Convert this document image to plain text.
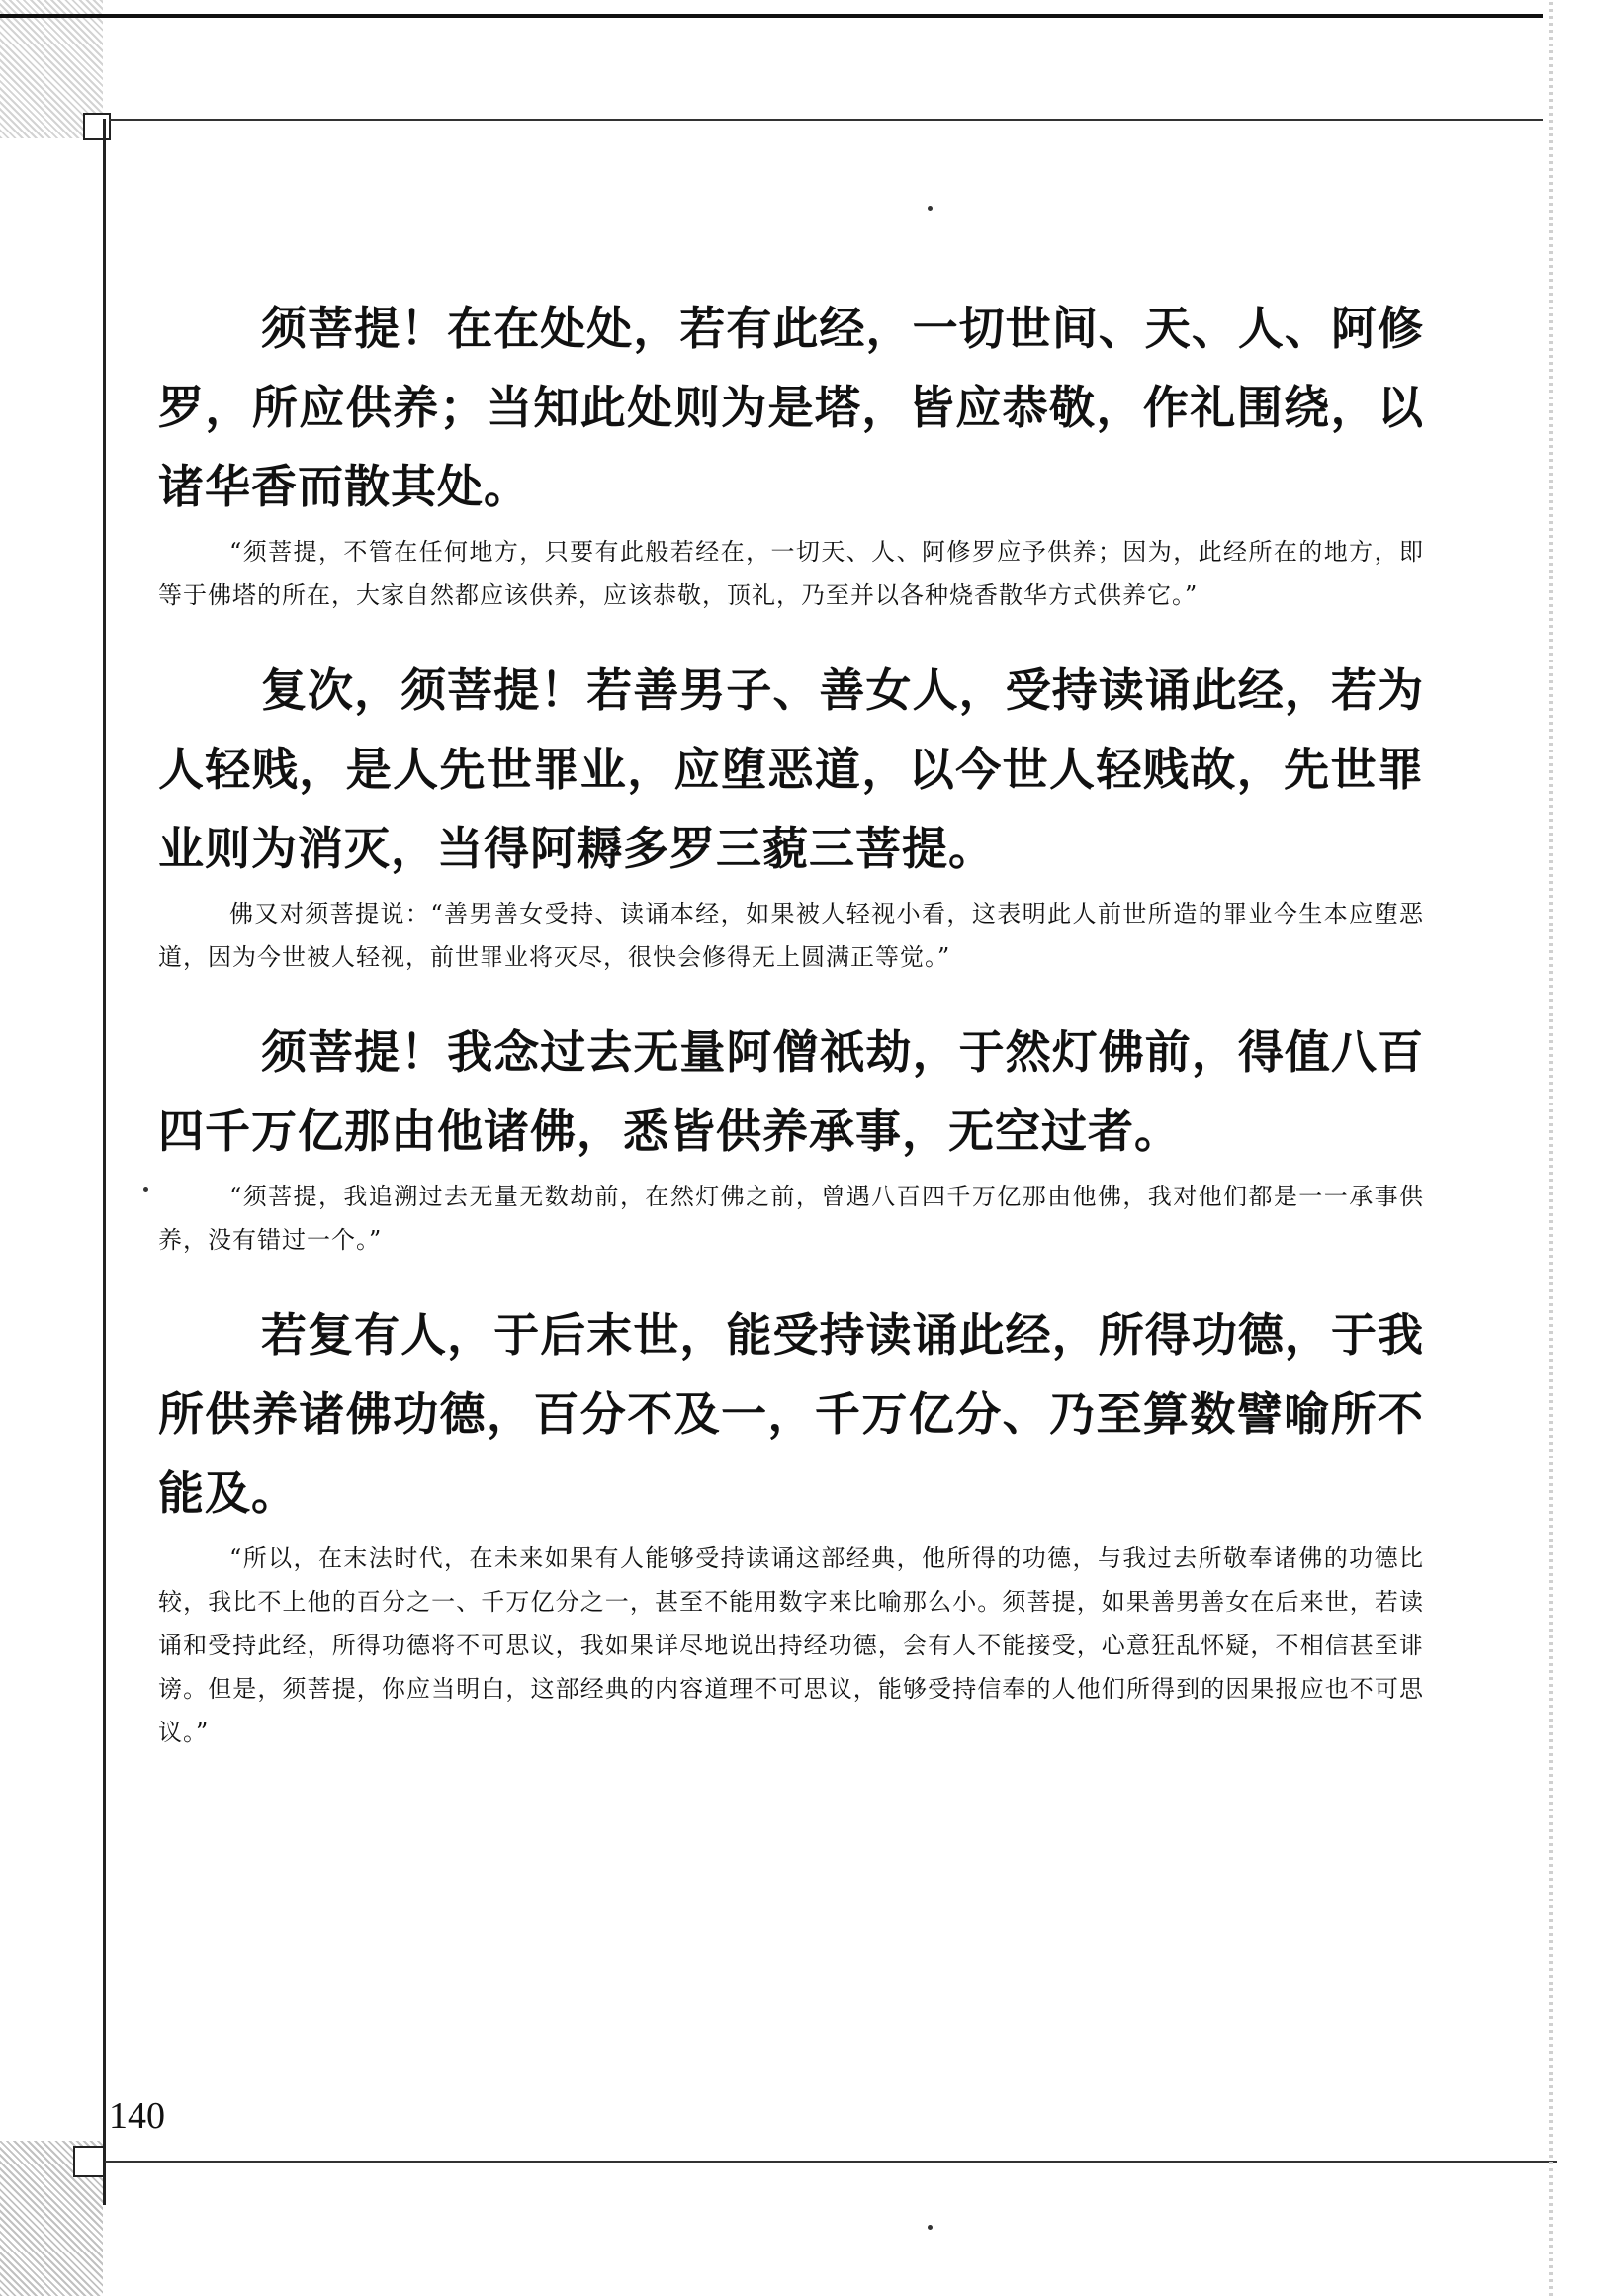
须菩提！在在处处，若有此经，一切世间、天、人、阿修罗，所应供养；当知此处则为是塔，皆应恭敬，作礼围绕，以诸华香而散其处。

“须菩提，不管在任何地方，只要有此般若经在，一切天、人、阿修罗应予供养；因为，此经所在的地方，即等于佛塔的所在，大家自然都应该供养，应该恭敬，顶礼，乃至并以各种烧香散华方式供养它。”

复次，须菩提！若善男子、善女人，受持读诵此经，若为人轻贱，是人先世罪业，应堕恶道，以今世人轻贱故，先世罪业则为消灭，当得阿耨多罗三藐三菩提。

佛又对须菩提说：“善男善女受持、读诵本经，如果被人轻视小看，这表明此人前世所造的罪业今生本应堕恶道，因为今世被人轻视，前世罪业将灭尽，很快会修得无上圆满正等觉。”

须菩提！我念过去无量阿僧祇劫，于然灯佛前，得值八百四千万亿那由他诸佛，悉皆供养承事，无空过者。

“须菩提，我追溯过去无量无数劫前，在然灯佛之前，曾遇八百四千万亿那由他佛，我对他们都是一一承事供养，没有错过一个。”

若复有人，于后末世，能受持读诵此经，所得功德，于我所供养诸佛功德，百分不及一，千万亿分、乃至算数譬喻所不能及。

“所以，在末法时代，在未来如果有人能够受持读诵这部经典，他所得的功德，与我过去所敬奉诸佛的功德比较，我比不上他的百分之一、千万亿分之一，甚至不能用数字来比喻那么小。须菩提，如果善男善女在后来世，若读诵和受持此经，所得功德将不可思议，我如果详尽地说出持经功德，会有人不能接受，心意狂乱怀疑，不相信甚至诽谤。但是，须菩提，你应当明白，这部经典的内容道理不可思议，能够受持信奉的人他们所得到的因果报应也不可思议。”

140
